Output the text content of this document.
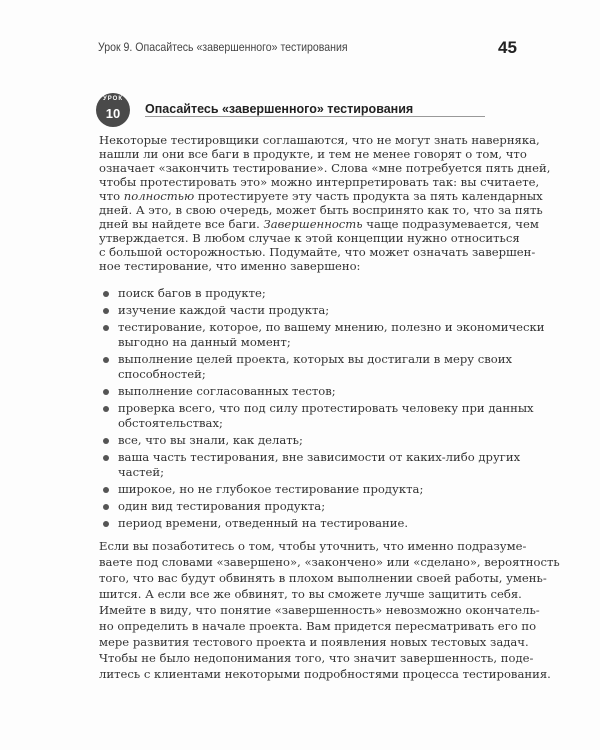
Урок 9. Опасайтесь «завершенного» тестирования	45
УРОК
10	Опасайтесь «завершенного» тестирования
Некоторые тестировщики соглашаются, что не могут знать наверняка,
нашли ли они все баги в продукте, и тем не менее говорят о том, что
означает «закончить тестирование». Слова «мне потребуется пять дней,
чтобы протестировать это» можно интерпретировать так: вы считаете,
что полностью протестируете эту часть продукта за пять календарных
дней. А это, в свою очередь, может быть воспринято как то, что за пять
дней вы найдете все баги. Завершенность чаще подразумевается, чем
утверждается. В любом случае к этой концепции нужно относиться
с большой осторожностью. Подумайте, что может означать завершен-
ное тестирование, что именно завершено:
поиск багов в продукте;
изучение каждой части продукта;
тестирование, которое, по вашему мнению, полезно и экономически
выгодно на данный момент;
выполнение целей проекта, которых вы достигали в меру своих
способностей;
выполнение согласованных тестов;
проверка всего, что под силу протестировать человеку при данных
обстоятельствах;
все, что вы знали, как делать;
ваша часть тестирования, вне зависимости от каких-либо других
частей;
широкое, но не глубокое тестирование продукта;
один вид тестирования продукта;
период времени, отведенный на тестирование.
Если вы позаботитесь о том, чтобы уточнить, что именно подразуме-
ваете под словами «завершено», «закончено» или «сделано», вероятность
того, что вас будут обвинять в плохом выполнении своей работы, умень-
шится. А если все же обвинят, то вы сможете лучше защитить себя.
Имейте в виду, что понятие «завершенность» невозможно окончатель-
но определить в начале проекта. Вам придется пересматривать его по
мере развития тестового проекта и появления новых тестовых задач.
Чтобы не было недопонимания того, что значит завершенность, поде-
литесь с клиентами некоторыми подробностями процесса тестирования.
